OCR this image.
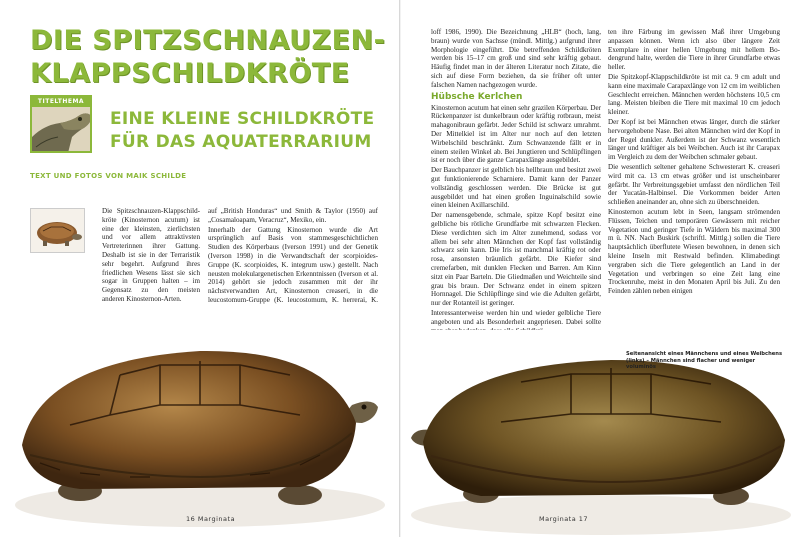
DIE SPITZSCHNAUZEN-
KLAPPSCHILDKRÖTE
TITELTHEMA
EINE KLEINE SCHILDKRÖTE
FÜR DAS AQUATERRARIUM
TEXT UND FOTOS VON MAIK SCHILDE

Die Spitzschnauzen-Klappschildkröte (Kinosternon acutum) ist eine der kleinsten, zierlichsten und vor allem attraktivsten Vertreterinnen ihrer Gattung. Deshalb ist sie in der Terraristik sehr begehrt. Aufgrund ihres friedlichen Wesens lässt sie sich sogar in Gruppen halten – im Gegensatz zu den meisten anderen Kinosternon-Arten.

auf „British Honduras“ und Smith & Taylor (1950) auf „Cosamaloapam, Veracruz“, Mexiko, ein.

Innerhalb der Gattung Kinosternon wurde die Art ursprünglich auf Basis von stammesgeschichtlichen Studien des Körperbaus (Iverson 1991) und der Genetik (Iverson 1998) in die Verwandtschaft der scorpioides-Gruppe (K. scorpioides, K. integrum usw.) gestellt. Nach neusten molekulargenetischen Erkenntnissen (Iverson et al. 2014) gehört sie jedoch zusammen mit der ihr nächstverwandten Art, Kinosternon creaseri, in die leucostomum-Gruppe (K. leucostomum, K. herrerai, K.

16 Marginata

loff 1986, 1990). Die Bezeichnung „HLB“ (hoch, lang, braun) wurde von Sachsse (mündl. Mittlg.) aufgrund ihrer Morphologie eingeführt. Die betreffenden Schildkröten werden bis 15–17 cm groß und sind sehr kräftig gebaut. Häufig findet man in der älteren Literatur noch Zitate, die sich auf diese Form beziehen, da sie früher oft unter falschen Namen nachgezogen wurde.

Hübsche Kerlchen

Kinosternon acutum hat einen sehr grazilen Körperbau. Der Rückenpanzer ist dunkelbraun oder kräftig rotbraun, meist mahagonibraun gefärbt. Jeder Schild ist schwarz umrahmt. Der Mittelkiel ist im Alter nur noch auf den letzten Wirbelschild beschränkt. Zum Schwanzende fällt er in einem steilen Winkel ab. Bei Jungtieren und Schlüpflingen ist er noch über die ganze Carapaxlänge ausgebildet.

Der Bauchpanzer ist gelblich bis hellbraun und besitzt zwei gut funktionierende Scharniere. Damit kann der Panzer vollständig geschlossen werden. Die Brücke ist gut ausgebildet und hat einen großen Inguinalschild sowie einen kleinen Axillarschild.

Der namensgebende, schmale, spitze Kopf besitzt eine gelbliche bis rötliche Grundfarbe mit schwarzen Flecken. Diese verdichten sich im Alter zunehmend, sodass vor allem bei sehr alten Männchen der Kopf fast vollständig schwarz sein kann. Die Iris ist manchmal kräftig rot oder rosa, ansonsten bräunlich gefärbt. Die Kiefer sind cremefarben, mit dunklen Flecken und Barren. Am Kinn sitzt ein Paar Barteln. Die Gliedmaßen und Weichteile sind grau bis braun. Der Schwanz endet in einem spitzen Hornnagel. Die Schlüpflinge sind wie die Adulten gefärbt, nur der Rotanteil ist geringer.

Interessanterweise werden hin und wieder gelbliche Tiere angeboten und als Besonderheit angepriesen. Dabei sollte

ten ihre Färbung im gewissen Maß ihrer Umgebung anpassen können. Wenn ich also über längere Zeit Exemplare in einer hellen Umgebung mit hellem Bodengrund halte, werden die Tiere in ihrer Grundfarbe etwas heller.

Die Spitzkopf-Klappschildkröte ist mit ca. 9 cm adult und kann eine maximale Carapaxlänge von 12 cm im weiblichen Geschlecht erreichen. Männchen werden höchstens 10,5 cm lang. Meisten bleiben die Tiere mit maximal 10 cm jedoch kleiner.

Der Kopf ist bei Männchen etwas länger, durch die stärker hervorgehobene Nase. Bei alten Männchen wird der Kopf in der Regel dunkler. Außerdem ist der Schwanz wesentlich länger und kräftiger als bei Weibchen. Auch ist ihr Carapax im Vergleich zu dem der Weibchen schmaler gebaut.

Die wesentlich seltener gehaltene Schwesterart K. creaseri wird mit ca. 13 cm etwas größer und ist unscheinbarer gefärbt. Ihr Verbreitungsgebiet umfasst den nördlichen Teil der Yucatán-Halbinsel. Die Vorkommen beider Arten schließen aneinander an, ohne sich zu überschneiden.

Kinosternon acutum lebt in Seen, langsam strömenden Flüssen, Teichen und temporären Gewässern mit reicher Vegetation und geringer Tiefe in Wäldern bis maximal 300 m ü. NN. Nach Buskirk (schriftl. Mittlg.) sollen die Tiere hauptsächlich überflutete Wiesen bewohnen, in denen sich kleine Inseln mit Restwald befinden. Klimabedingt vergraben sich die Tiere gelegentlich an Land in der Vegetation und verbringen so eine Zeit lang eine Trockenruhe, meist in den Monaten April bis Juli. Zu den Feinden zählen neben einigen

Seitenansicht eines Männchens und eines Weibchens (links) – Männchen sind flacher und weniger voluminös
Marginata 17
